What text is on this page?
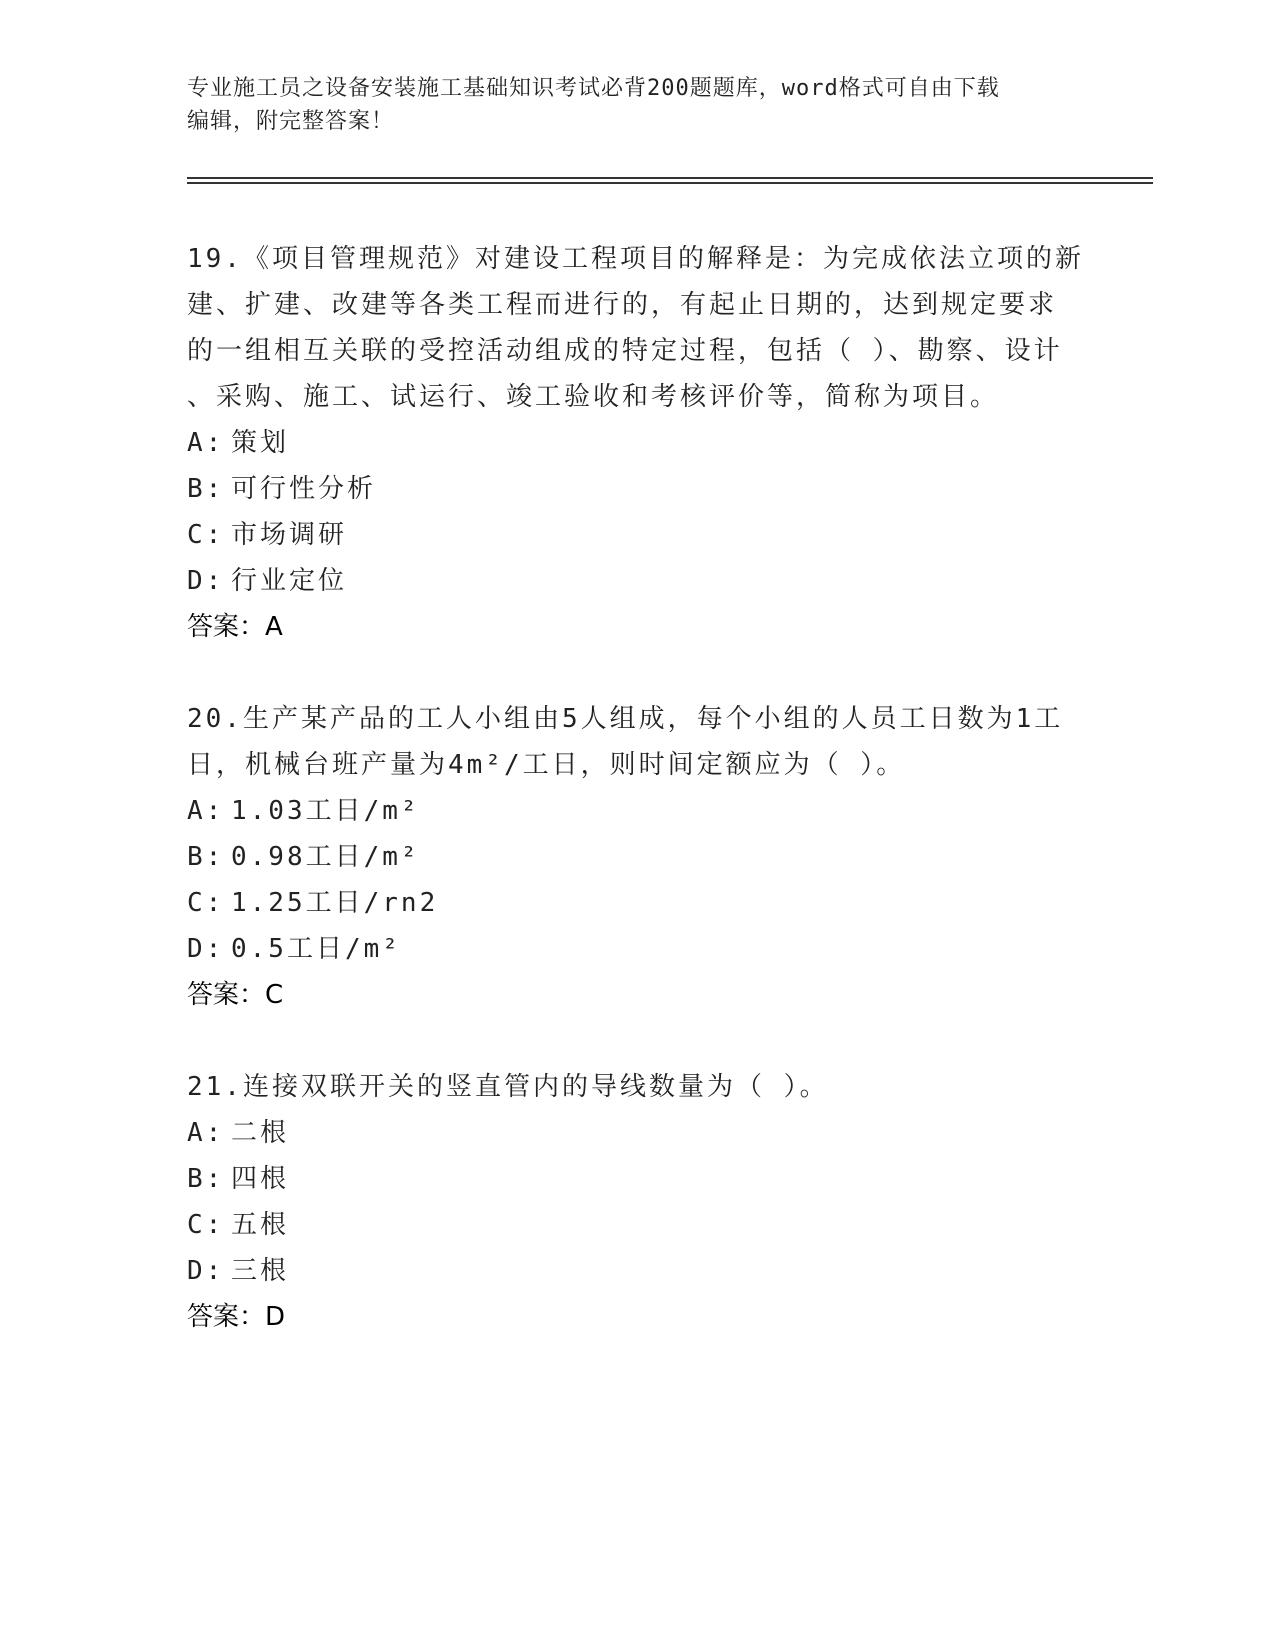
专业施工员之设备安装施工基础知识考试必背200题题库，word格式可自由下载
编辑，附完整答案！
19.《项目管理规范》对建设工程项目的解释是：为完成依法立项的新
建、扩建、改建等各类工程而进行的，有起止日期的，达到规定要求
的一组相互关联的受控活动组成的特定过程，包括（ ）、勘察、设计
、采购、施工、试运行、竣工验收和考核评价等，简称为项目。
A: 策划
B: 可行性分析
C: 市场调研
D: 行业定位
答案：A
20.生产某产品的工人小组由5人组成，每个小组的人员工日数为1工
日，机械台班产量为4m²/工日，则时间定额应为（ ）。
A: 1.03工日/m²
B: 0.98工日/m²
C: 1.25工日/rn2
D: 0.5工日/m²
答案：C
21.连接双联开关的竖直管内的导线数量为（ ）。
A: 二根
B: 四根
C: 五根
D: 三根
答案：D
